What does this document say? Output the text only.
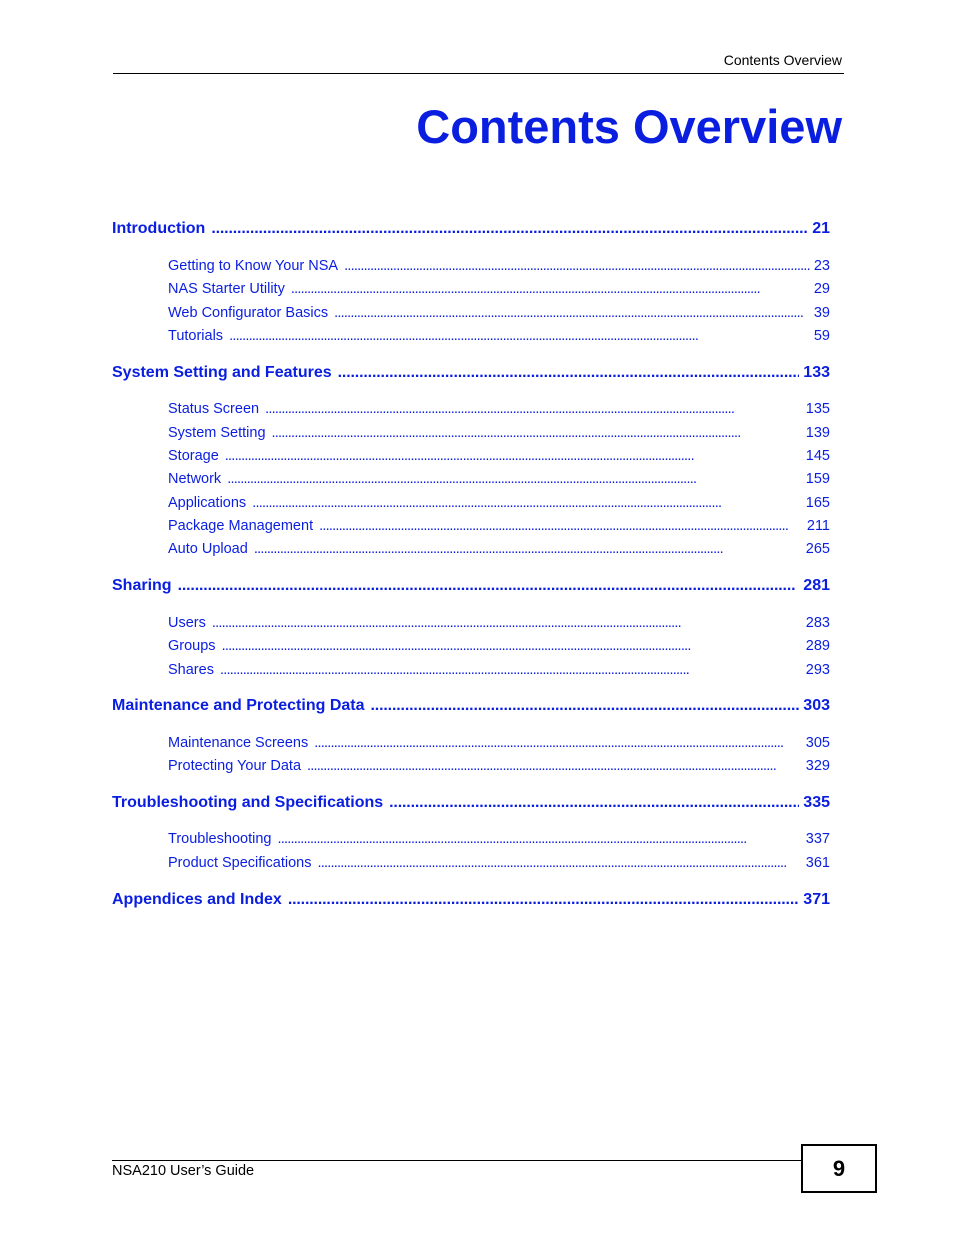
Contents Overview
Contents Overview
Introduction . . .	21
Getting to Know Your NSA . . .	23
NAS Starter Utility . . .	29
Web Configurator Basics . . .	39
Tutorials . . .	59
System Setting and Features . . .	133
Status Screen . . .	135
System Setting . . .	139
Storage . . .	145
Network . . .	159
Applications . . .	165
Package Management . . .	211
Auto Upload . . .	265
Sharing . . .	281
Users . . .	283
Groups . . .	289
Shares . . .	293
Maintenance and Protecting Data . . .	303
Maintenance Screens . . .	305
Protecting Your Data . . .	329
Troubleshooting and Specifications . . .	335
Troubleshooting . . .	337
Product Specifications . . .	361
Appendices and Index . . .	371
NSA210 User’s Guide	9
